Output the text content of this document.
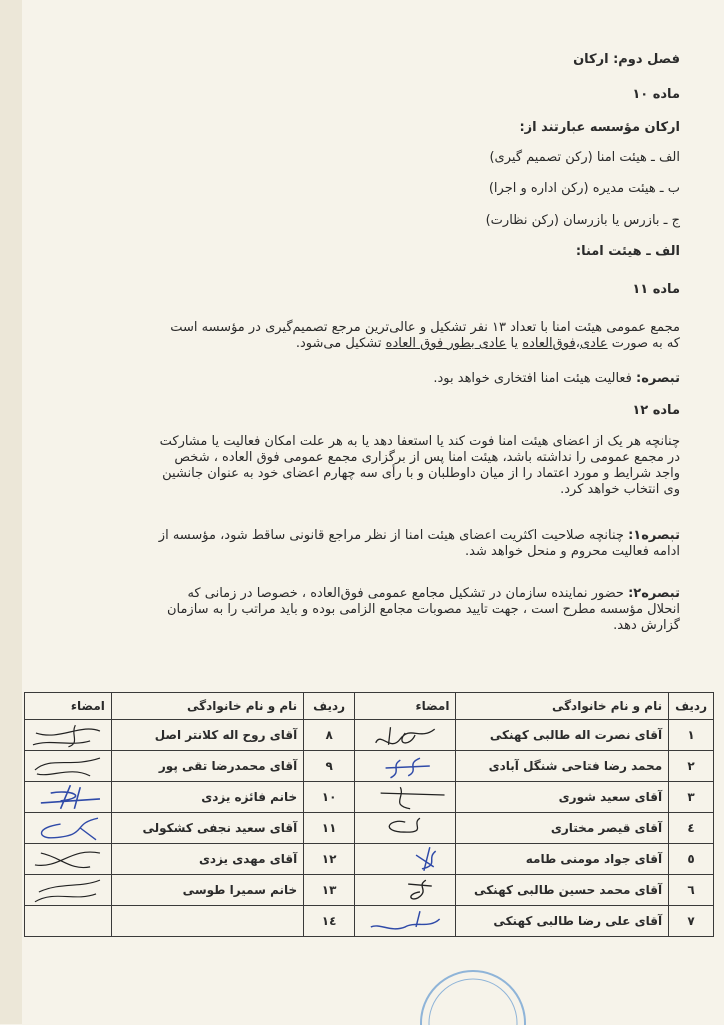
فصل دوم: ارکان
ماده ۱۰
ارکان مؤسسه عبارتند از:
الف ـ هیئت امنا (رکن تصمیم گیری)
ب ـ هیئت مدیره (رکن اداره و اجرا)
ج ـ بازرس یا بازرسان (رکن نظارت)
الف ـ هیئت امنا:
ماده ۱۱
مجمع عمومی هیئت امنا با تعداد ۱۳ نفر تشکیل و عالی‌ترین مرجع تصمیم‌گیری در مؤسسه است
که به صورت عادی،فوق‌العاده یا عادی بطور فوق العاده تشکیل می‌شود.
تبصره: فعالیت هیئت امنا افتخاری خواهد بود.
ماده ۱۲
چنانچه هر یک از اعضای هیئت امنا فوت کند یا استعفا دهد یا به هر علت امکان فعالیت یا مشارکت
در مجمع عمومی را نداشته باشد، هیئت امنا پس از برگزاری مجمع عمومی فوق العاده ، شخص
واجد شرایط و مورد اعتماد را از میان داوطلبان و با رأی سه چهارم اعضای خود به عنوان جانشین
وی انتخاب خواهد کرد.
تبصره۱: چنانچه صلاحیت اکثریت اعضای هیئت امنا از نظر مراجع قانونی ساقط شود، مؤسسه از
ادامه فعالیت محروم و منحل خواهد شد.
تبصره۲: حضور نماینده سازمان در تشکیل مجامع عمومی فوق‌العاده ، خصوصا در زمانی که
انحلال مؤسسه مطرح است ، جهت تایید مصوبات مجامع الزامی بوده و باید مراتب را به سازمان
گزارش دهد.
ردیف	نام و نام خانوادگی	امضاء	ردیف	نام و نام خانوادگی	امضاء
۱	آقای نصرت اله طالبی کهنکی		۸	آقای روح اله کلانتر اصل	

۲	محمد رضا فتاحی شنگل آبادی		۹	آقای محمدرضا تقی پور	

۳	آقای سعید شوری		۱۰	خانم فائزه یزدی	

٤	آقای قیصر مختاری		۱۱	آقای سعید نجفی کشکولی	

٥	آقای جواد مومنی طامه		۱۲	آقای مهدی یزدی	

٦	آقای محمد حسین طالبی کهنکی		۱۳	خانم سمیرا طوسی	

۷	آقای علی رضا طالبی کهنکی		۱٤		
